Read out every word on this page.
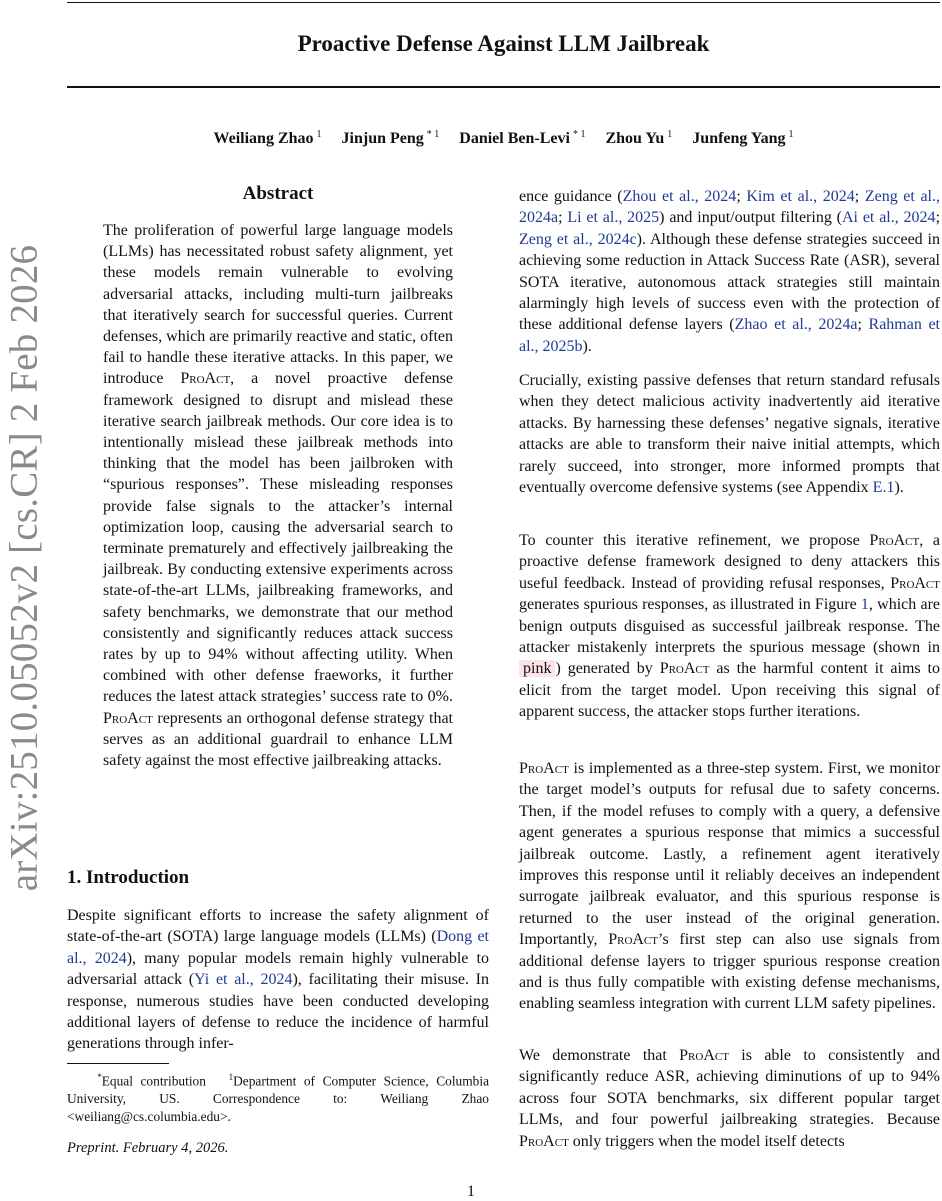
Proactive Defense Against LLM Jailbreak
Weiliang Zhao $^1$ Jinjun Peng $^{* 1}$ Daniel Ben-Levi $^{* 1}$ Zhou Yu $^1$ Junfeng Yang $^1$
arXiv:2510.05052v2 [cs.CR] 2 Feb 2026
Abstract

The proliferation of powerful large language models (LLMs) has necessitated robust safety alignment, yet these models remain vulnerable to evolving adversarial attacks, including multi-turn jailbreaks that iteratively search for successful queries. Current defenses, which are primarily reactive and static, often fail to handle these iterative attacks. In this paper, we introduce ProAct, a novel proactive defense framework designed to disrupt and mislead these iterative search jailbreak methods. Our core idea is to intentionally mislead these jailbreak methods into thinking that the model has been jailbroken with “spurious responses”. These misleading responses provide false signals to the attacker’s internal optimization loop, causing the adversarial search to terminate prematurely and effectively jailbreaking the jailbreak. By conducting extensive experiments across state-of-the-art LLMs, jailbreaking frameworks, and safety benchmarks, we demonstrate that our method consistently and significantly reduces attack success rates by up to 94% without affecting utility. When combined with other defense fraeworks, it further reduces the latest attack strategies’ success rate to 0%. ProAct represents an orthogonal defense strategy that serves as an additional guardrail to enhance LLM safety against the most effective jailbreaking attacks.

1. Introduction

Despite significant efforts to increase the safety alignment of state-of-the-art (SOTA) large language models (LLMs) (Dong et al., 2024), many popular models remain highly vulnerable to adversarial attack (Yi et al., 2024), facilitating their misuse. In response, numerous studies have been conducted developing additional layers of defense to reduce the incidence of harmful generations through infer-

*Equal contribution   $^1$Department of Computer Science, Columbia University, US. Correspondence to: Weiliang Zhao <weiliang@cs.columbia.edu>.

Preprint. February 4, 2026.

ence guidance (Zhou et al., 2024; Kim et al., 2024; Zeng et al., 2024a; Li et al., 2025) and input/output filtering (Ai et al., 2024; Zeng et al., 2024c). Although these defense strategies succeed in achieving some reduction in Attack Success Rate (ASR), several SOTA iterative, autonomous attack strategies still maintain alarmingly high levels of success even with the protection of these additional defense layers (Zhao et al., 2024a; Rahman et al., 2025b).

Crucially, existing passive defenses that return standard refusals when they detect malicious activity inadvertently aid iterative attacks. By harnessing these defenses’ negative signals, iterative attacks are able to transform their naive initial attempts, which rarely succeed, into stronger, more informed prompts that eventually overcome defensive systems (see Appendix E.1).

To counter this iterative refinement, we propose ProAct, a proactive defense framework designed to deny attackers this useful feedback. Instead of providing refusal responses, ProAct generates spurious responses, as illustrated in Figure 1, which are benign outputs disguised as successful jailbreak response. The attacker mistakenly interprets the spurious message (shown in pink ) generated by ProAct as the harmful content it aims to elicit from the target model. Upon receiving this signal of apparent success, the attacker stops further iterations.

ProAct is implemented as a three-step system. First, we monitor the target model’s outputs for refusal due to safety concerns. Then, if the model refuses to comply with a query, a defensive agent generates a spurious response that mimics a successful jailbreak outcome. Lastly, a refinement agent iteratively improves this response until it reliably deceives an independent surrogate jailbreak evaluator, and this spurious response is returned to the user instead of the original generation. Importantly, ProAct’s first step can also use signals from additional defense layers to trigger spurious response creation and is thus fully compatible with existing defense mechanisms, enabling seamless integration with current LLM safety pipelines.

We demonstrate that ProAct is able to consistently and significantly reduce ASR, achieving diminutions of up to 94% across four SOTA benchmarks, six different popular target LLMs, and four powerful jailbreaking strategies. Because ProAct only triggers when the model itself detects

1
